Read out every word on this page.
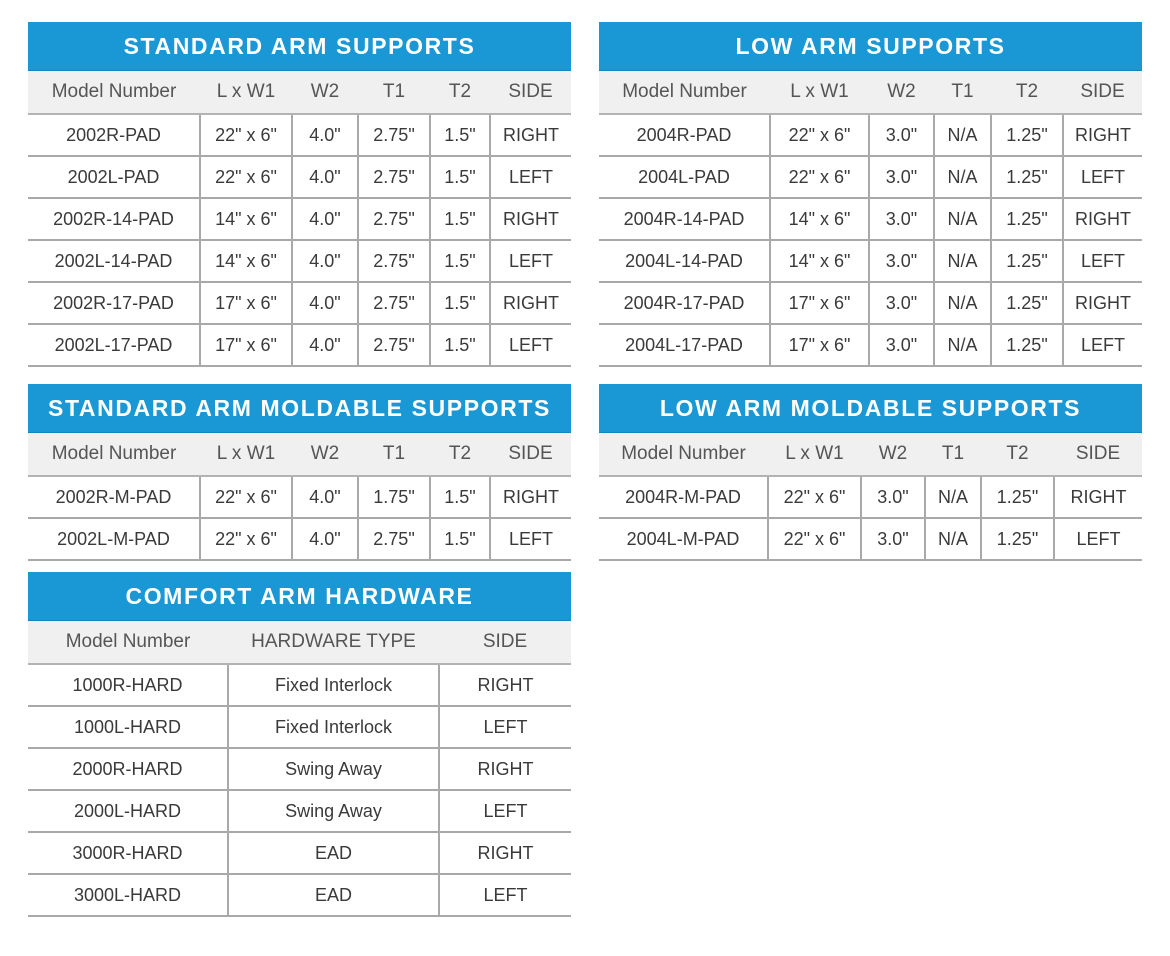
STANDARD ARM SUPPORTS
Model Number	L x W1	W2	T1	T2	SIDE
2002R-PAD	22" x 6"	4.0"	2.75"	1.5"	RIGHT
2002L-PAD	22" x 6"	4.0"	2.75"	1.5"	LEFT
2002R-14-PAD	14" x 6"	4.0"	2.75"	1.5"	RIGHT
2002L-14-PAD	14" x 6"	4.0"	2.75"	1.5"	LEFT
2002R-17-PAD	17" x 6"	4.0"	2.75"	1.5"	RIGHT
2002L-17-PAD	17" x 6"	4.0"	2.75"	1.5"	LEFT
LOW ARM SUPPORTS
Model Number	L x W1	W2	T1	T2	SIDE
2004R-PAD	22" x 6"	3.0"	N/A	1.25"	RIGHT
2004L-PAD	22" x 6"	3.0"	N/A	1.25"	LEFT
2004R-14-PAD	14" x 6"	3.0"	N/A	1.25"	RIGHT
2004L-14-PAD	14" x 6"	3.0"	N/A	1.25"	LEFT
2004R-17-PAD	17" x 6"	3.0"	N/A	1.25"	RIGHT
2004L-17-PAD	17" x 6"	3.0"	N/A	1.25"	LEFT
STANDARD ARM MOLDABLE SUPPORTS
Model Number	L x W1	W2	T1	T2	SIDE
2002R-M-PAD	22" x 6"	4.0"	1.75"	1.5"	RIGHT
2002L-M-PAD	22" x 6"	4.0"	2.75"	1.5"	LEFT
LOW ARM MOLDABLE SUPPORTS
Model Number	L x W1	W2	T1	T2	SIDE
2004R-M-PAD	22" x 6"	3.0"	N/A	1.25"	RIGHT
2004L-M-PAD	22" x 6"	3.0"	N/A	1.25"	LEFT
COMFORT ARM HARDWARE
Model Number	HARDWARE TYPE	SIDE
1000R-HARD	Fixed Interlock	RIGHT
1000L-HARD	Fixed Interlock	LEFT
2000R-HARD	Swing Away	RIGHT
2000L-HARD	Swing Away	LEFT
3000R-HARD	EAD	RIGHT
3000L-HARD	EAD	LEFT
